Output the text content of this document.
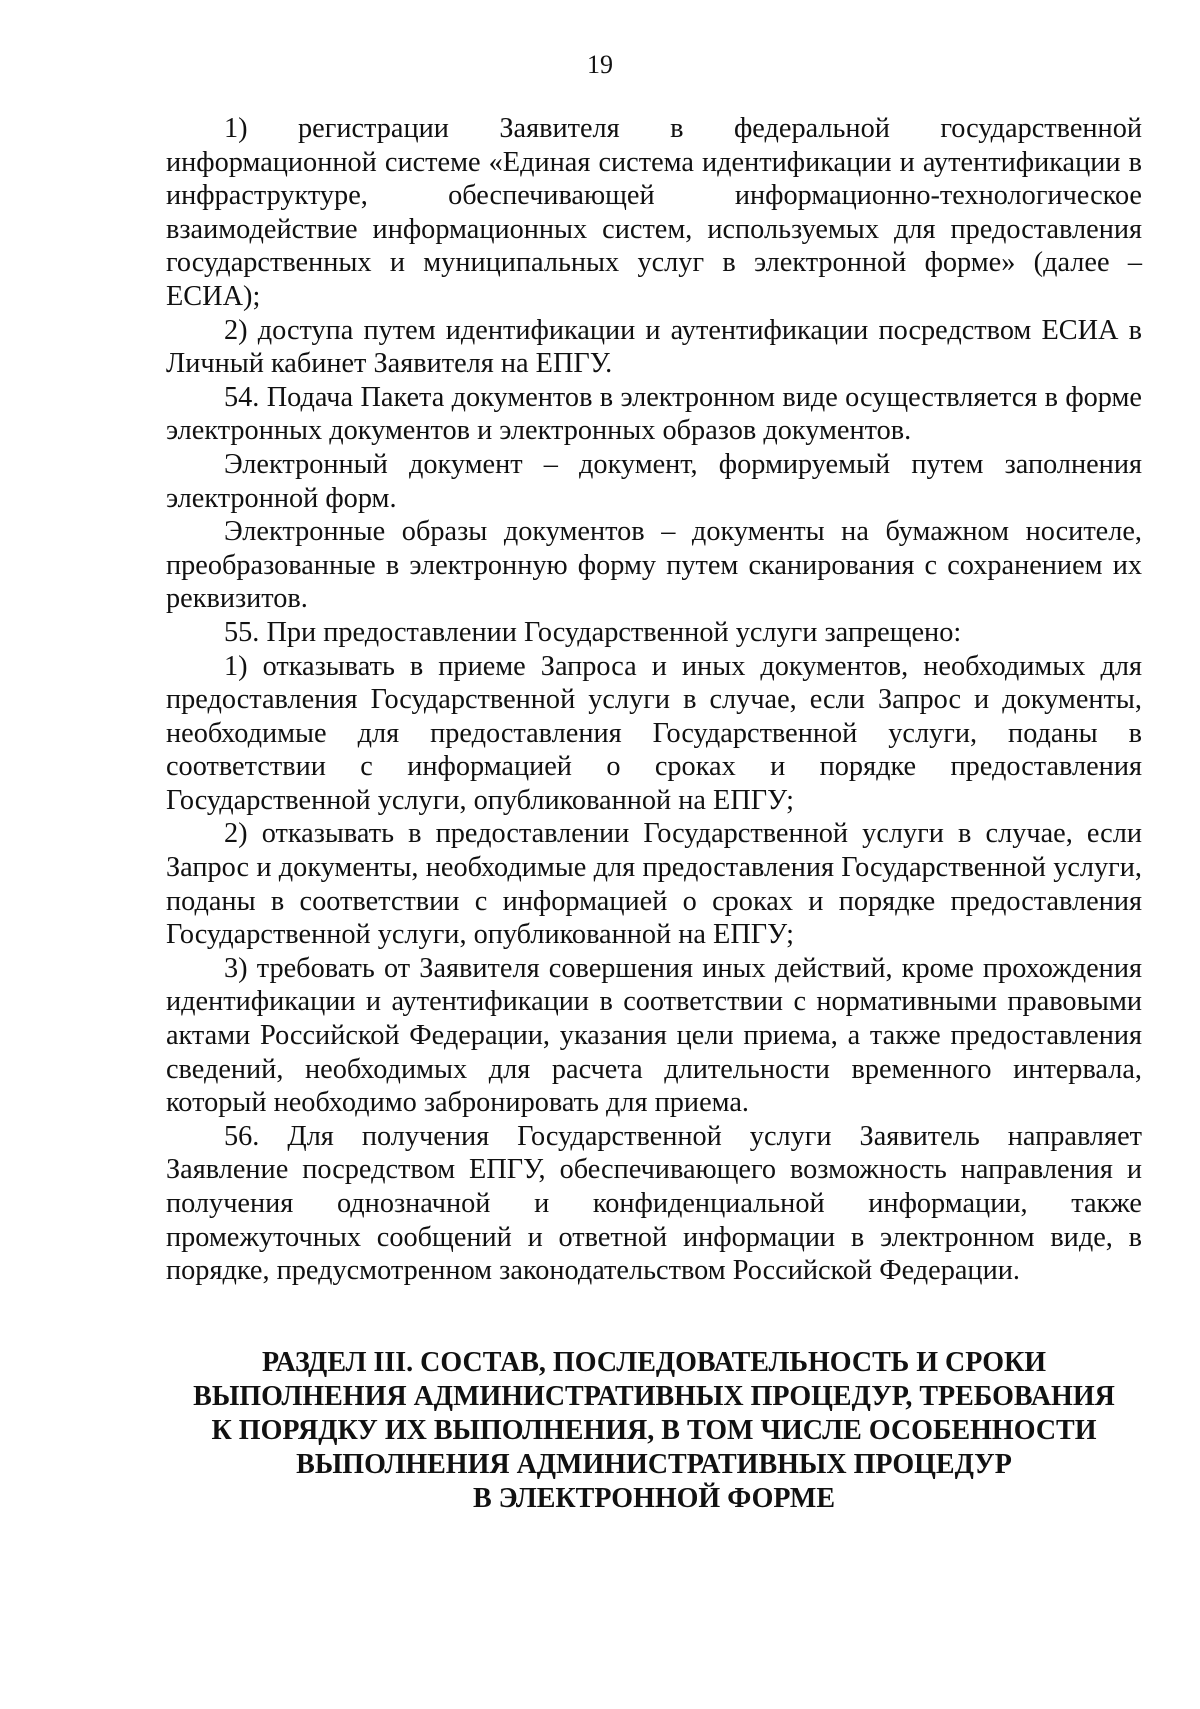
19

1) регистрации Заявителя в федеральной государственной информационной системе «Единая система идентификации и аутентификации в инфраструктуре, обеспечивающей информационно-технологическое взаимодействие информационных систем, используемых для предоставления государственных и муниципальных услуг в электронной форме» (далее – ЕСИА);

2) доступа путем идентификации и аутентификации посредством ЕСИА в Личный кабинет Заявителя на ЕПГУ.

54. Подача Пакета документов в электронном виде осуществляется в форме электронных документов и электронных образов документов.

Электронный документ – документ, формируемый путем заполнения электронной форм.

Электронные образы документов – документы на бумажном носителе, преобразованные в электронную форму путем сканирования с сохранением их реквизитов.

55. При предоставлении Государственной услуги запрещено:

1) отказывать в приеме Запроса и иных документов, необходимых для предоставления Государственной услуги в случае, если Запрос и документы, необходимые для предоставления Государственной услуги, поданы в соответствии с информацией о сроках и порядке предоставления Государственной услуги, опубликованной на ЕПГУ;

2) отказывать в предоставлении Государственной услуги в случае, если Запрос и документы, необходимые для предоставления Государственной услуги, поданы в соответствии с информацией о сроках и порядке предоставления Государственной услуги, опубликованной на ЕПГУ;

3) требовать от Заявителя совершения иных действий, кроме прохождения идентификации и аутентификации в соответствии с нормативными правовыми актами Российской Федерации, указания цели приема, а также предоставления сведений, необходимых для расчета длительности временного интервала, который необходимо забронировать для приема.

56. Для получения Государственной услуги Заявитель направляет Заявление посредством ЕПГУ, обеспечивающего возможность направления и получения однозначной и конфиденциальной информации, также промежуточных сообщений и ответной информации в электронном виде, в порядке, предусмотренном законодательством Российской Федерации.

РАЗДЕЛ III. СОСТАВ, ПОСЛЕДОВАТЕЛЬНОСТЬ И СРОКИ
ВЫПОЛНЕНИЯ АДМИНИСТРАТИВНЫХ ПРОЦЕДУР, ТРЕБОВАНИЯ
К ПОРЯДКУ ИХ ВЫПОЛНЕНИЯ, В ТОМ ЧИСЛЕ ОСОБЕННОСТИ
ВЫПОЛНЕНИЯ АДМИНИСТРАТИВНЫХ ПРОЦЕДУР
В ЭЛЕКТРОННОЙ ФОРМЕ
